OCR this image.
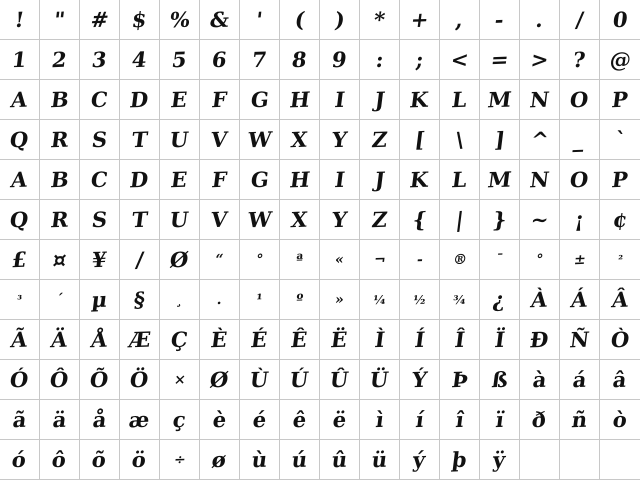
! " # $ % & ' ( ) * + , - . / 0
1 2 3 4 5 6 7 8 9 : ; < = > ? @
A B C D E F G H I J K L M N O P
Q R S T U V W X Y Z [ \ ] ^ _ `
A B C D E F G H I J K L M N O P
Q R S T U V W X Y Z { | } ~ ¡ ¢
£ ¤ ¥ / Ø “ ° ª « ¬ - ® ¯ ° ±	²
³ ´ µ § ¸ . ¹ º » ¼ ½ ¾ ¿ À Á Â
Ã Ä Å Æ Ç È É Ê Ë Ì Í Î Ï Ð Ñ Ò
Ó Ô Õ Ö × Ø Ù Ú Û Ü Ý Þ ß à á â
ã ä å æ ç è é ê ë ì í î ï ð ñ ò
ó ô õ ö ÷ ø ù ú û ü ý þ ÿ
